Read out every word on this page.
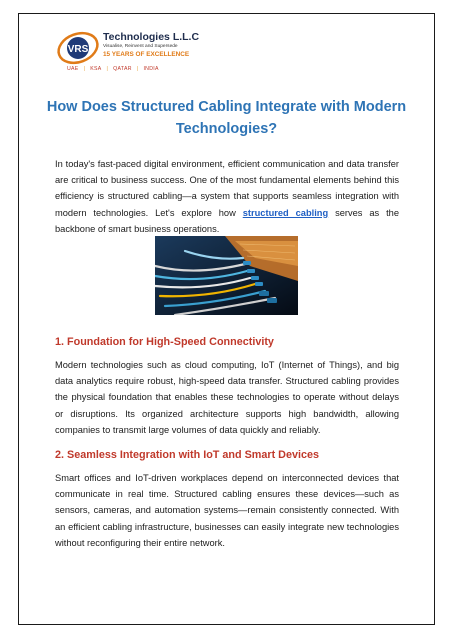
VRS
Technologies L.L.C
Visualise, Reinvent and Supersede
15 YEARS OF EXCELLENCE
UAE | KSA | QATAR | INDIA
How Does Structured Cabling Integrate with Modern Technologies?
In today's fast-paced digital environment, efficient communication and data transfer are critical to business success. One of the most fundamental elements behind this efficiency is structured cabling—a system that supports seamless integration with modern technologies. Let's explore how structured cabling serves as the backbone of smart business operations.
1. Foundation for High-Speed Connectivity
Modern technologies such as cloud computing, IoT (Internet of Things), and big data analytics require robust, high-speed data transfer. Structured cabling provides the physical foundation that enables these technologies to operate without delays or disruptions. Its organized architecture supports high bandwidth, allowing companies to transmit large volumes of data quickly and reliably.
2. Seamless Integration with IoT and Smart Devices
Smart offices and IoT-driven workplaces depend on interconnected devices that communicate in real time. Structured cabling ensures these devices—such as sensors, cameras, and automation systems—remain consistently connected. With an efficient cabling infrastructure, businesses can easily integrate new technologies without reconfiguring their entire network.
